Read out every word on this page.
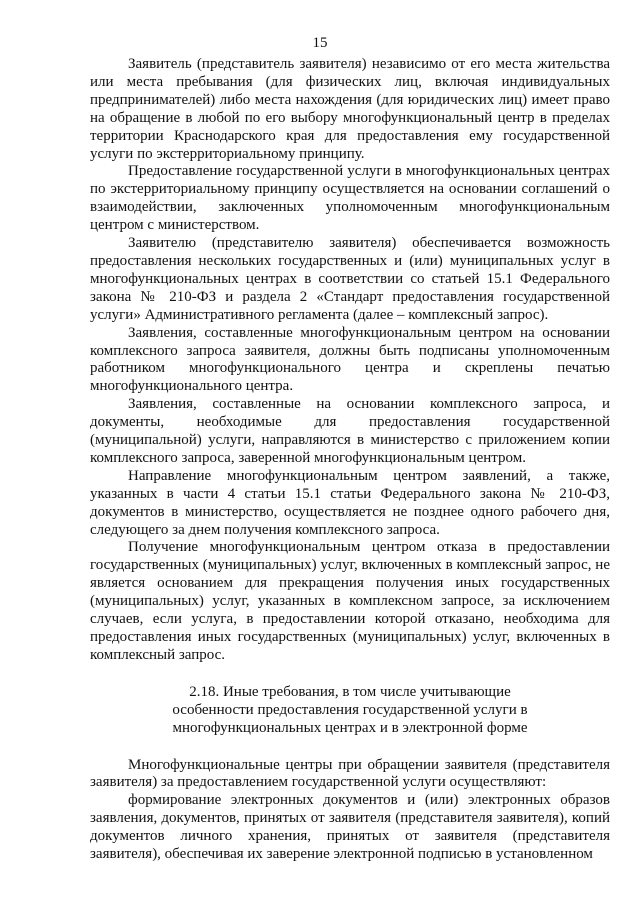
15

Заявитель (представитель заявителя) независимо от его места жительства или места пребывания (для физических лиц, включая индивидуальных предпринимателей) либо места нахождения (для юридических лиц) имеет право на обращение в любой по его выбору многофункциональный центр в пределах территории Краснодарского края для предоставления ему государственной услуги по экстерриториальному принципу.

Предоставление государственной услуги в многофункциональных центрах по экстерриториальному принципу осуществляется на основании соглашений о взаимодействии, заключенных уполномоченным многофункциональным центром с министерством.

Заявителю (представителю заявителя) обеспечивается возможность предоставления нескольких государственных и (или) муниципальных услуг в многофункциональных центрах в соответствии со статьей 15.1 Федерального закона № 210-ФЗ и раздела 2 «Стандарт предоставления государственной услуги» Административного регламента (далее – комплексный запрос).

Заявления, составленные многофункциональным центром на основании комплексного запроса заявителя, должны быть подписаны уполномоченным работником многофункционального центра и скреплены печатью многофункционального центра.

Заявления, составленные на основании комплексного запроса, и документы, необходимые для предоставления государственной (муниципальной) услуги, направляются в министерство с приложением копии комплексного запроса, заверенной многофункциональным центром.

Направление многофункциональным центром заявлений, а также, указанных в части 4 статьи 15.1 статьи Федерального закона № 210-ФЗ, документов в министерство, осуществляется не позднее одного рабочего дня, следующего за днем получения комплексного запроса.

Получение многофункциональным центром отказа в предоставлении государственных (муниципальных) услуг, включенных в комплексный запрос, не является основанием для прекращения получения иных государственных (муниципальных) услуг, указанных в комплексном запросе, за исключением случаев, если услуга, в предоставлении которой отказано, необходима для предоставления иных государственных (муниципальных) услуг, включенных в комплексный запрос.

2.18. Иные требования, в том числе учитывающие
особенности предоставления государственной услуги в
многофункциональных центрах и в электронной форме

Многофункциональные центры при обращении заявителя (представителя заявителя) за предоставлением государственной услуги осуществляют:

формирование электронных документов и (или) электронных образов заявления, документов, принятых от заявителя (представителя заявителя), копий документов личного хранения, принятых от заявителя (представителя заявителя), обеспечивая их заверение электронной подписью в установленном
